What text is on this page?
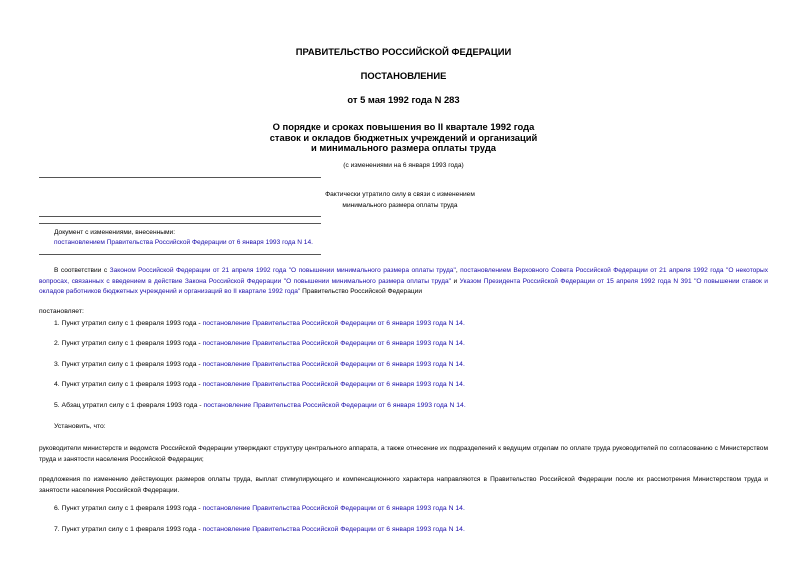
ПРАВИТЕЛЬСТВО РОССИЙСКОЙ ФЕДЕРАЦИИ
ПОСТАНОВЛЕНИЕ
от 5 мая 1992 года N 283
О порядке и сроках повышения во II квартале 1992 года
ставок и окладов бюджетных учреждений и организаций
и минимального размера оплаты труда
(с изменениями на 6 января 1993 года)
Фактически утратило силу в связи с изменением
минимального размера оплаты труда
Документ с изменениями, внесенными:
постановлением Правительства Российской Федерации от 6 января 1993 года N 14.
В соответствии с Законом Российской Федерации от 21 апреля 1992 года "О повышении минимального размера оплаты труда", постановлением Верховного Совета Российской Федерации от 21 апреля 1992 года "О некоторых вопросах, связанных с введением в действие Закона Российской Федерации "О повышении минимального размера оплаты труда" и Указом Президента Российской Федерации от 15 апреля 1992 года N 391 "О повышении ставок и окладов работников бюджетных учреждений и организаций во II квартале 1992 года" Правительство Российской Федерации
постановляет:
1. Пункт утратил силу с 1 февраля 1993 года - постановление Правительства Российской Федерации от 6 января 1993 года N 14.
2. Пункт утратил силу с 1 февраля 1993 года - постановление Правительства Российской Федерации от 6 января 1993 года N 14.
3. Пункт утратил силу с 1 февраля 1993 года - постановление Правительства Российской Федерации от 6 января 1993 года N 14.
4. Пункт утратил силу с 1 февраля 1993 года - постановление Правительства Российской Федерации от 6 января 1993 года N 14.
5. Абзац утратил силу с 1 февраля 1993 года - постановление Правительства Российской Федерации от 6 января 1993 года N 14.
Установить, что:
руководители министерств и ведомств Российской Федерации утверждают структуру центрального аппарата, а также отнесение их подразделений к ведущим отделам по оплате труда руководителей по согласованию с Министерством труда и занятости населения Российской Федерации;
предложения по изменению действующих размеров оплаты труда, выплат стимулирующего и компенсационного характера направляются в Правительство Российской Федерации после их рассмотрения Министерством труда и занятости населения Российской Федерации.
6. Пункт утратил силу с 1 февраля 1993 года - постановление Правительства Российской Федерации от 6 января 1993 года N 14.
7. Пункт утратил силу с 1 февраля 1993 года - постановление Правительства Российской Федерации от 6 января 1993 года N 14.
